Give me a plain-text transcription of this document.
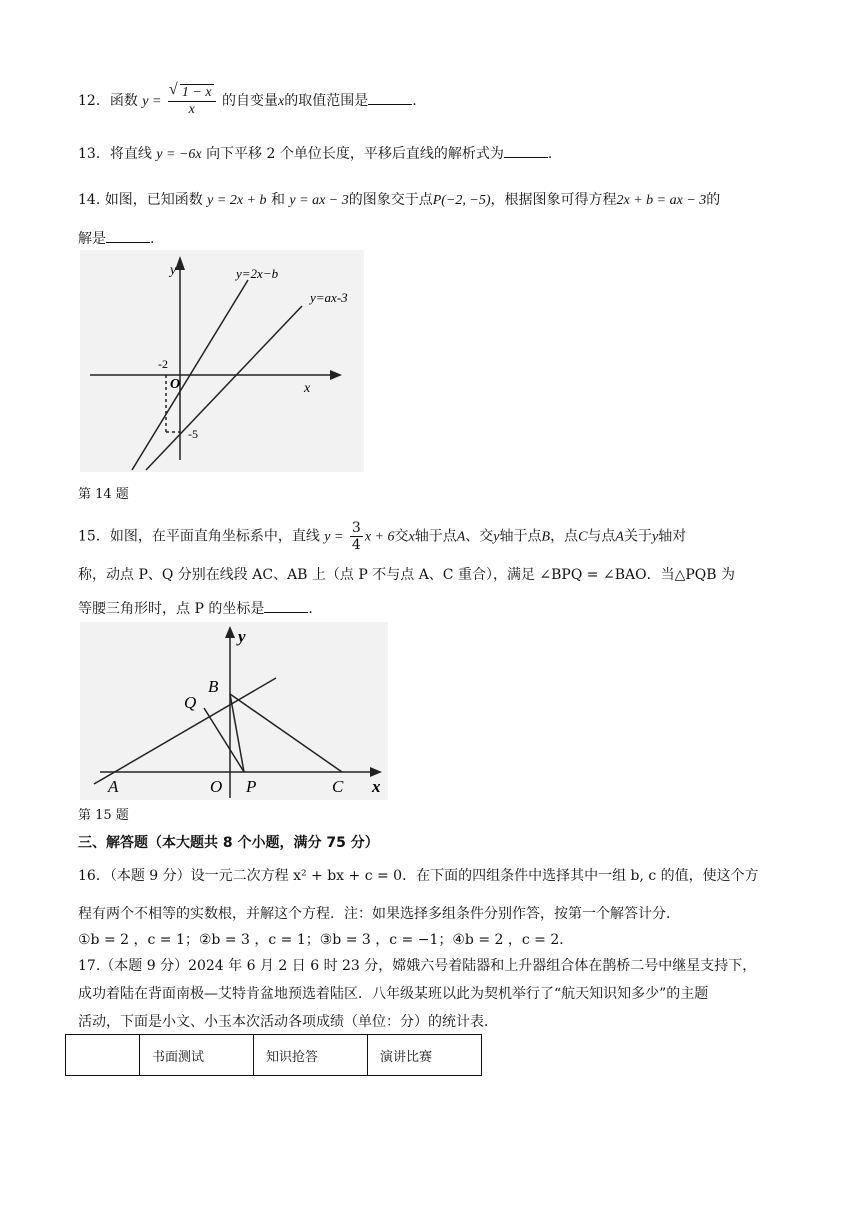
12．函数 y =
√ $\frac{1 - x}{x}$ 的自变量x的取值范围是	.
13．将直线 y = −6x 向下平移 2 个单位长度，平移后直线的解析式为	.
14. 如图，已知函数 y = 2x + b 和 y = ax − 3的图象交于点P(−2, −5)，根据图象可得方程2x + b = ax − 3的
解是	.
y	y=2x−b
y=ax-3
-2
O	x
-5
第 14 题
15．如图，在平面直角坐标系中，直线 $y = \frac{3}{4}$ x + 6交x轴于点A、交y轴于点B，点C与点A关于y轴对
称，动点 P、Q 分别在线段 AC、AB 上（点 P 不与点 A、C 重合），满足 ∠BPQ = ∠BAO．当△PQB 为
等腰三角形时，点 P 的坐标是	.
y
B
Q
A	O P	C x
第 15 题
三、解答题（本大题共 8 个小题，满分 75 分）
16．（本题 9 分）设一元二次方程 x² + bx + c = 0．在下面的四组条件中选择其中一组 b, c 的值，使这个方
程有两个不相等的实数根，并解这个方程．注：如果选择多组条件分别作答，按第一个解答计分．
①b = 2 ，c = 1；②b = 3 ，c = 1；③b = 3 ，c = −1；④b = 2 ，c = 2．
17.（本题 9 分）2024 年 6 月 2 日 6 时 23 分，嫦娥六号着陆器和上升器组合体在鹊桥二号中继星支持下，
成功着陆在背面南极—艾特肯盆地预选着陆区．八年级某班以此为契机举行了“航天知识知多少”的主题
活动，下面是小文、小玉本次活动各项成绩（单位：分）的统计表．
	书面测试	知识抢答	演讲比赛
